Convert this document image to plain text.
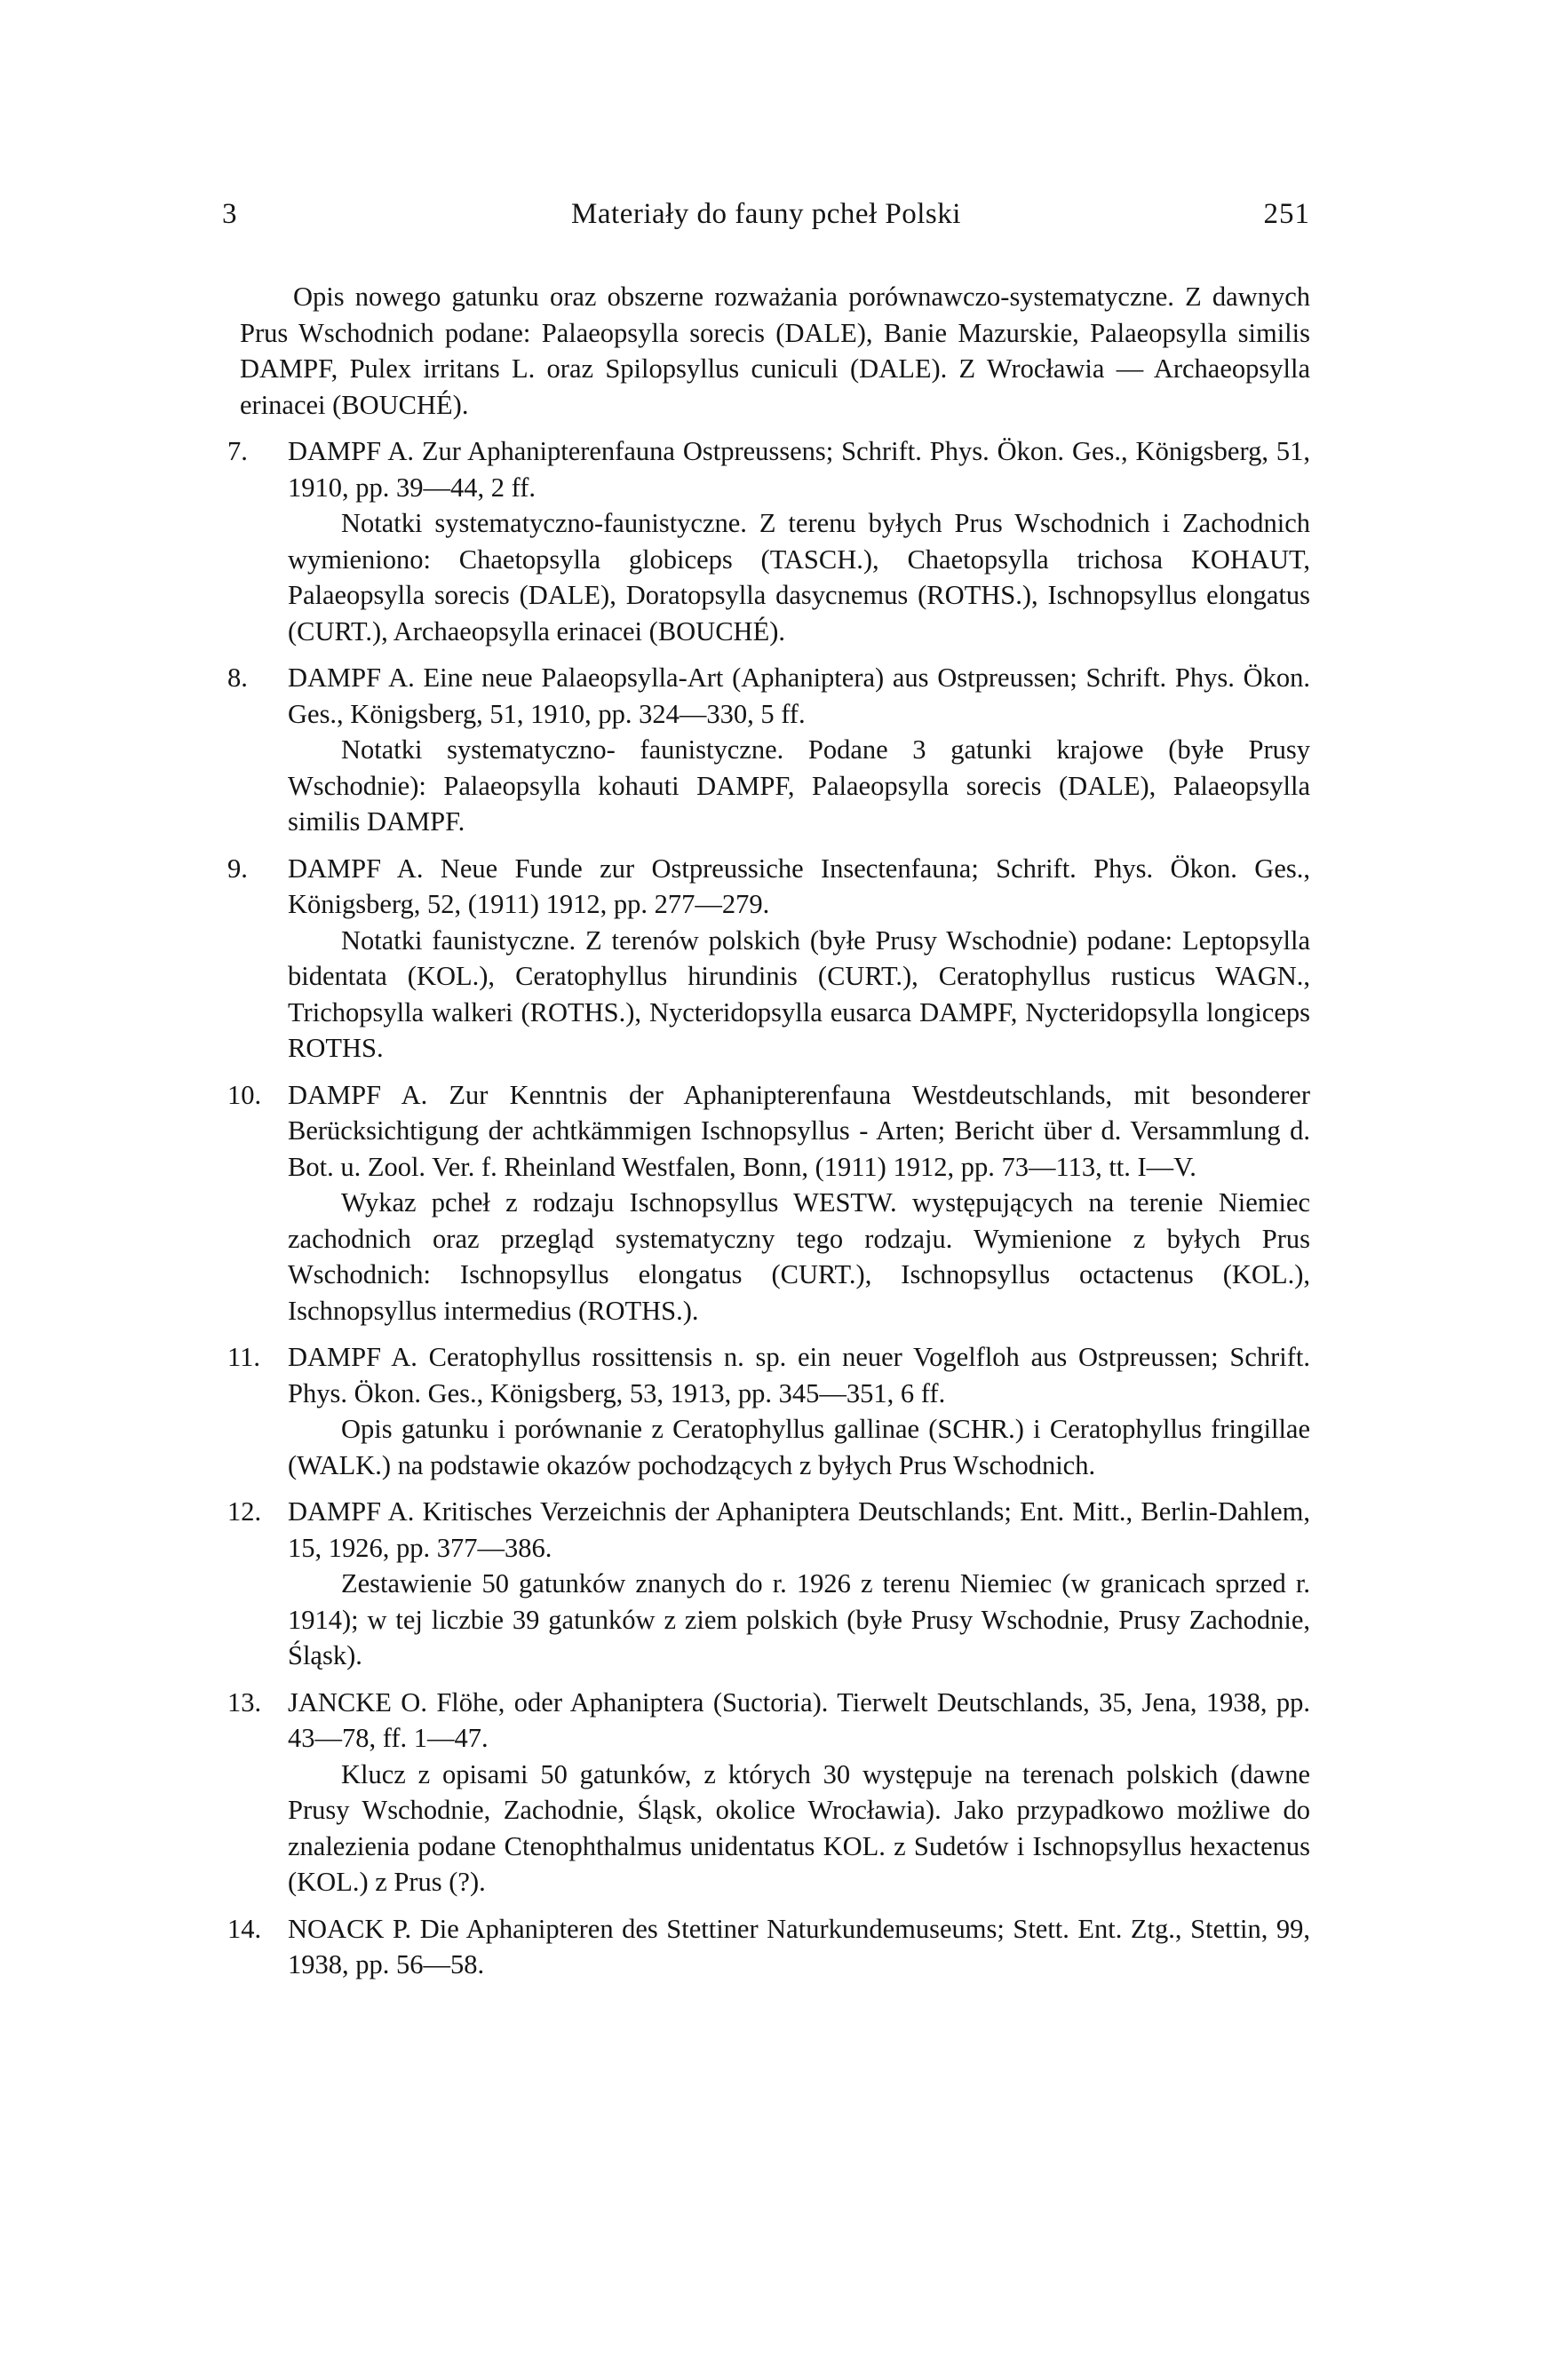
3	Materiały do fauny pcheł Polski	251

Opis nowego gatunku oraz obszerne rozważania porównawczo-systematyczne. Z dawnych Prus Wschodnich podane: Palaeopsylla sorecis (DALE), Banie Mazurskie, Palaeopsylla similis DAMPF, Pulex irritans L. oraz Spilopsyllus cuniculi (DALE). Z Wrocławia — Archaeopsylla erinacei (BOUCHÉ).

7. DAMPF A. Zur Aphanipterenfauna Ostpreussens; Schrift. Phys. Ökon. Ges., Königsberg, 51, 1910, pp. 39—44, 2 ff.

Notatki systematyczno-faunistyczne. Z terenu byłych Prus Wschodnich i Zachodnich wymieniono: Chaetopsylla globiceps (TASCH.), Chaetopsylla trichosa KOHAUT, Palaeopsylla sorecis (DALE), Doratopsylla dasycnemus (ROTHS.), Ischnopsyllus elongatus (CURT.), Archaeopsylla erinacei (BOUCHÉ).

8. DAMPF A. Eine neue Palaeopsylla-Art (Aphaniptera) aus Ostpreussen; Schrift. Phys. Ökon. Ges., Königsberg, 51, 1910, pp. 324—330, 5 ff.

Notatki systematyczno- faunistyczne. Podane 3 gatunki krajowe (byłe Prusy Wschodnie): Palaeopsylla kohauti DAMPF, Palaeopsylla sorecis (DALE), Palaeopsylla similis DAMPF.

9. DAMPF A. Neue Funde zur Ostpreussiche Insectenfauna; Schrift. Phys. Ökon. Ges., Königsberg, 52, (1911) 1912, pp. 277—279.

Notatki faunistyczne. Z terenów polskich (byłe Prusy Wschodnie) podane: Leptopsylla bidentata (KOL.), Ceratophyllus hirundinis (CURT.), Ceratophyllus rusticus WAGN., Trichopsylla walkeri (ROTHS.), Nycteridopsylla eusarca DAMPF, Nycteridopsylla longiceps ROTHS.

10. DAMPF A. Zur Kenntnis der Aphanipterenfauna Westdeutschlands, mit besonderer Berücksichtigung der achtkämmigen Ischnopsyllus - Arten; Bericht über d. Versammlung d. Bot. u. Zool. Ver. f. Rheinland Westfalen, Bonn, (1911) 1912, pp. 73—113, tt. I—V.

Wykaz pcheł z rodzaju Ischnopsyllus WESTW. występujących na terenie Niemiec zachodnich oraz przegląd systematyczny tego rodzaju. Wymienione z byłych Prus Wschodnich: Ischnopsyllus elongatus (CURT.), Ischnopsyllus octactenus (KOL.), Ischnopsyllus intermedius (ROTHS.).

11. DAMPF A. Ceratophyllus rossittensis n. sp. ein neuer Vogelfloh aus Ostpreussen; Schrift. Phys. Ökon. Ges., Königsberg, 53, 1913, pp. 345—351, 6 ff.

Opis gatunku i porównanie z Ceratophyllus gallinae (SCHR.) i Ceratophyllus fringillae (WALK.) na podstawie okazów pochodzących z byłych Prus Wschodnich.

12. DAMPF A. Kritisches Verzeichnis der Aphaniptera Deutschlands; Ent. Mitt., Berlin-Dahlem, 15, 1926, pp. 377—386.

Zestawienie 50 gatunków znanych do r. 1926 z terenu Niemiec (w granicach sprzed r. 1914); w tej liczbie 39 gatunków z ziem polskich (byłe Prusy Wschodnie, Prusy Zachodnie, Śląsk).

13. JANCKE O. Flöhe, oder Aphaniptera (Suctoria). Tierwelt Deutschlands, 35, Jena, 1938, pp. 43—78, ff. 1—47.

Klucz z opisami 50 gatunków, z których 30 występuje na terenach polskich (dawne Prusy Wschodnie, Zachodnie, Śląsk, okolice Wrocławia). Jako przypadkowo możliwe do znalezienia podane Ctenophthalmus unidentatus KOL. z Sudetów i Ischnopsyllus hexactenus (KOL.) z Prus (?).

14. NOACK P. Die Aphanipteren des Stettiner Naturkundemuseums; Stett. Ent. Ztg., Stettin, 99, 1938, pp. 56—58.
